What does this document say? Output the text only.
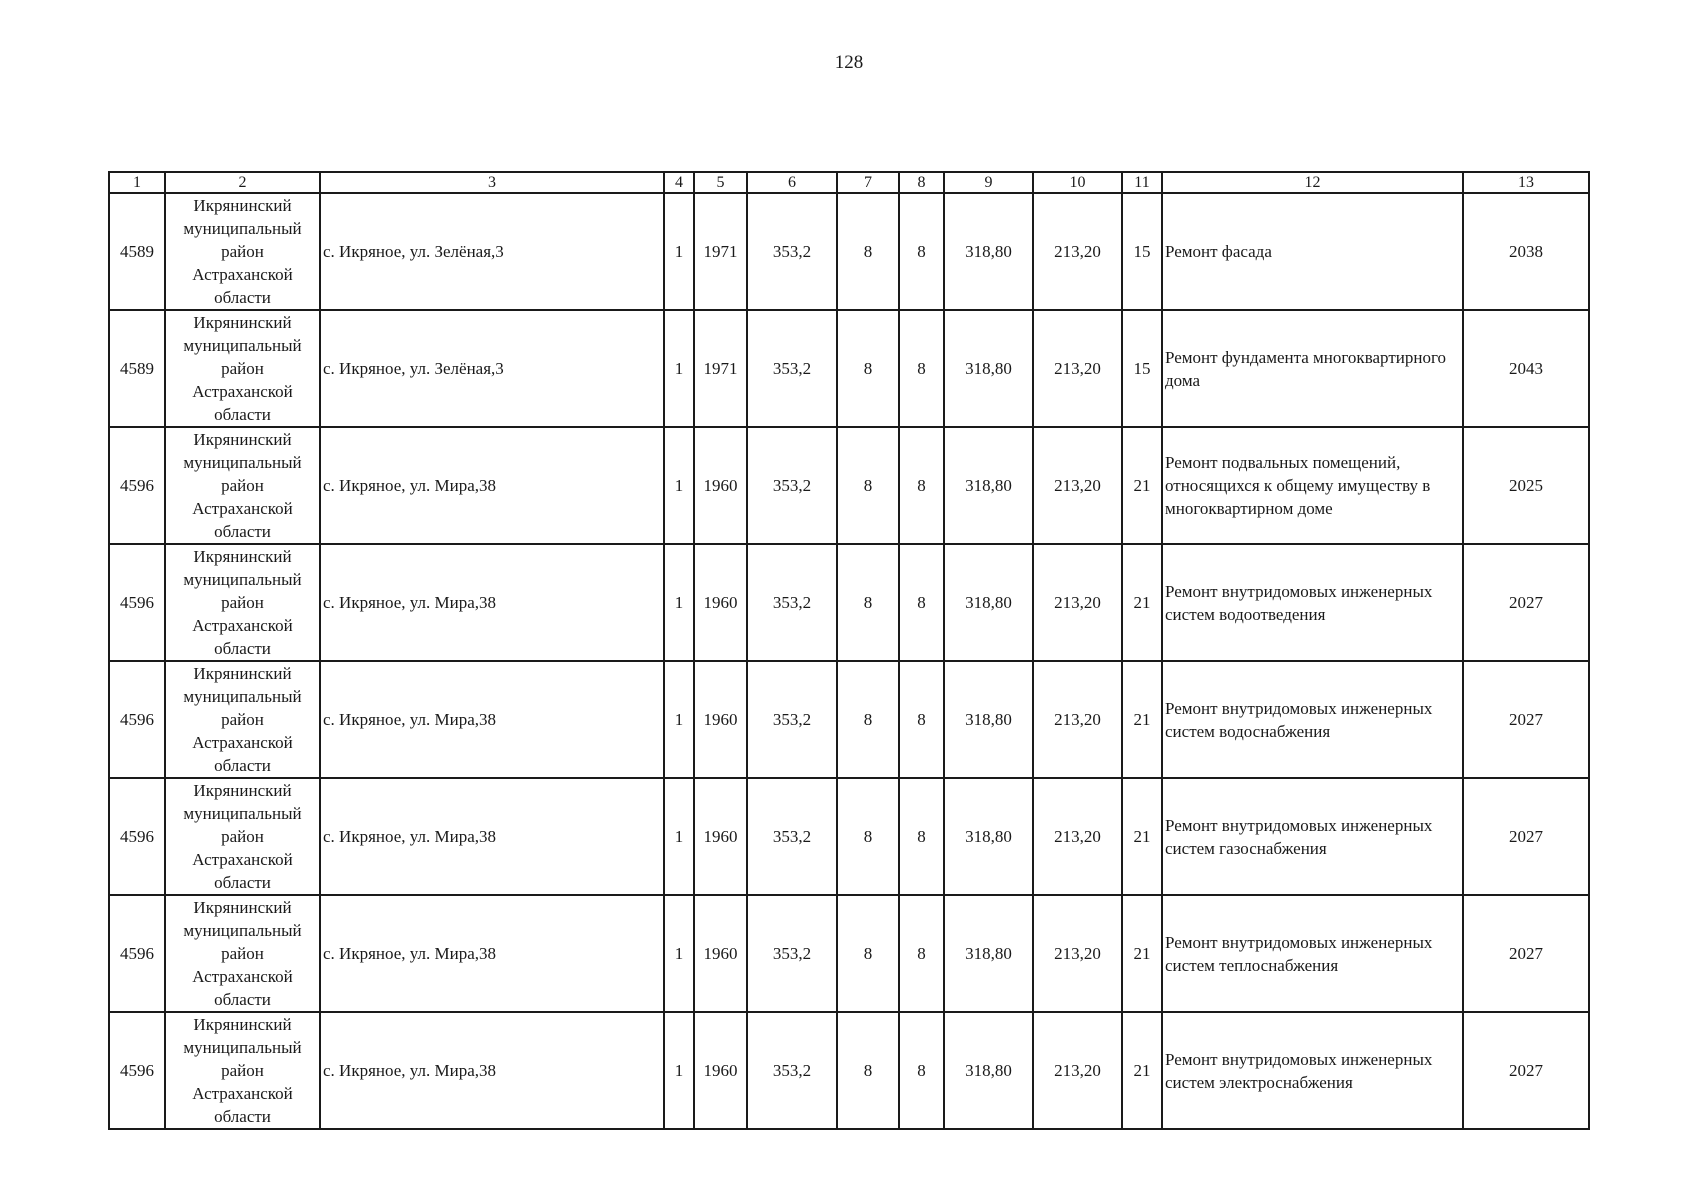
128
1	2	3	4	5	6	7	8	9	10	11	12	13
4589	Икрянинский
муниципальный
район
Астраханской
области	с. Икряное, ул. Зелёная,3	1	1971	353,2	8	8	318,80	213,20	15	Ремонт фасада	2038
4589	Икрянинский
муниципальный
район
Астраханской
области	с. Икряное, ул. Зелёная,3	1	1971	353,2	8	8	318,80	213,20	15	Ремонт фундамента многоквартирного дома	2043
4596	Икрянинский
муниципальный
район
Астраханской
области	с. Икряное, ул. Мира,38	1	1960	353,2	8	8	318,80	213,20	21	Ремонт подвальных помещений, относящихся к общему имуществу в многоквартирном доме	2025
4596	Икрянинский
муниципальный
район
Астраханской
области	с. Икряное, ул. Мира,38	1	1960	353,2	8	8	318,80	213,20	21	Ремонт внутридомовых инженерных систем водоотведения	2027
4596	Икрянинский
муниципальный
район
Астраханской
области	с. Икряное, ул. Мира,38	1	1960	353,2	8	8	318,80	213,20	21	Ремонт внутридомовых инженерных систем водоснабжения	2027
4596	Икрянинский
муниципальный
район
Астраханской
области	с. Икряное, ул. Мира,38	1	1960	353,2	8	8	318,80	213,20	21	Ремонт внутридомовых инженерных систем газоснабжения	2027
4596	Икрянинский
муниципальный
район
Астраханской
области	с. Икряное, ул. Мира,38	1	1960	353,2	8	8	318,80	213,20	21	Ремонт внутридомовых инженерных систем теплоснабжения	2027
4596	Икрянинский
муниципальный
район
Астраханской
области	с. Икряное, ул. Мира,38	1	1960	353,2	8	8	318,80	213,20	21	Ремонт внутридомовых инженерных систем электроснабжения	2027
